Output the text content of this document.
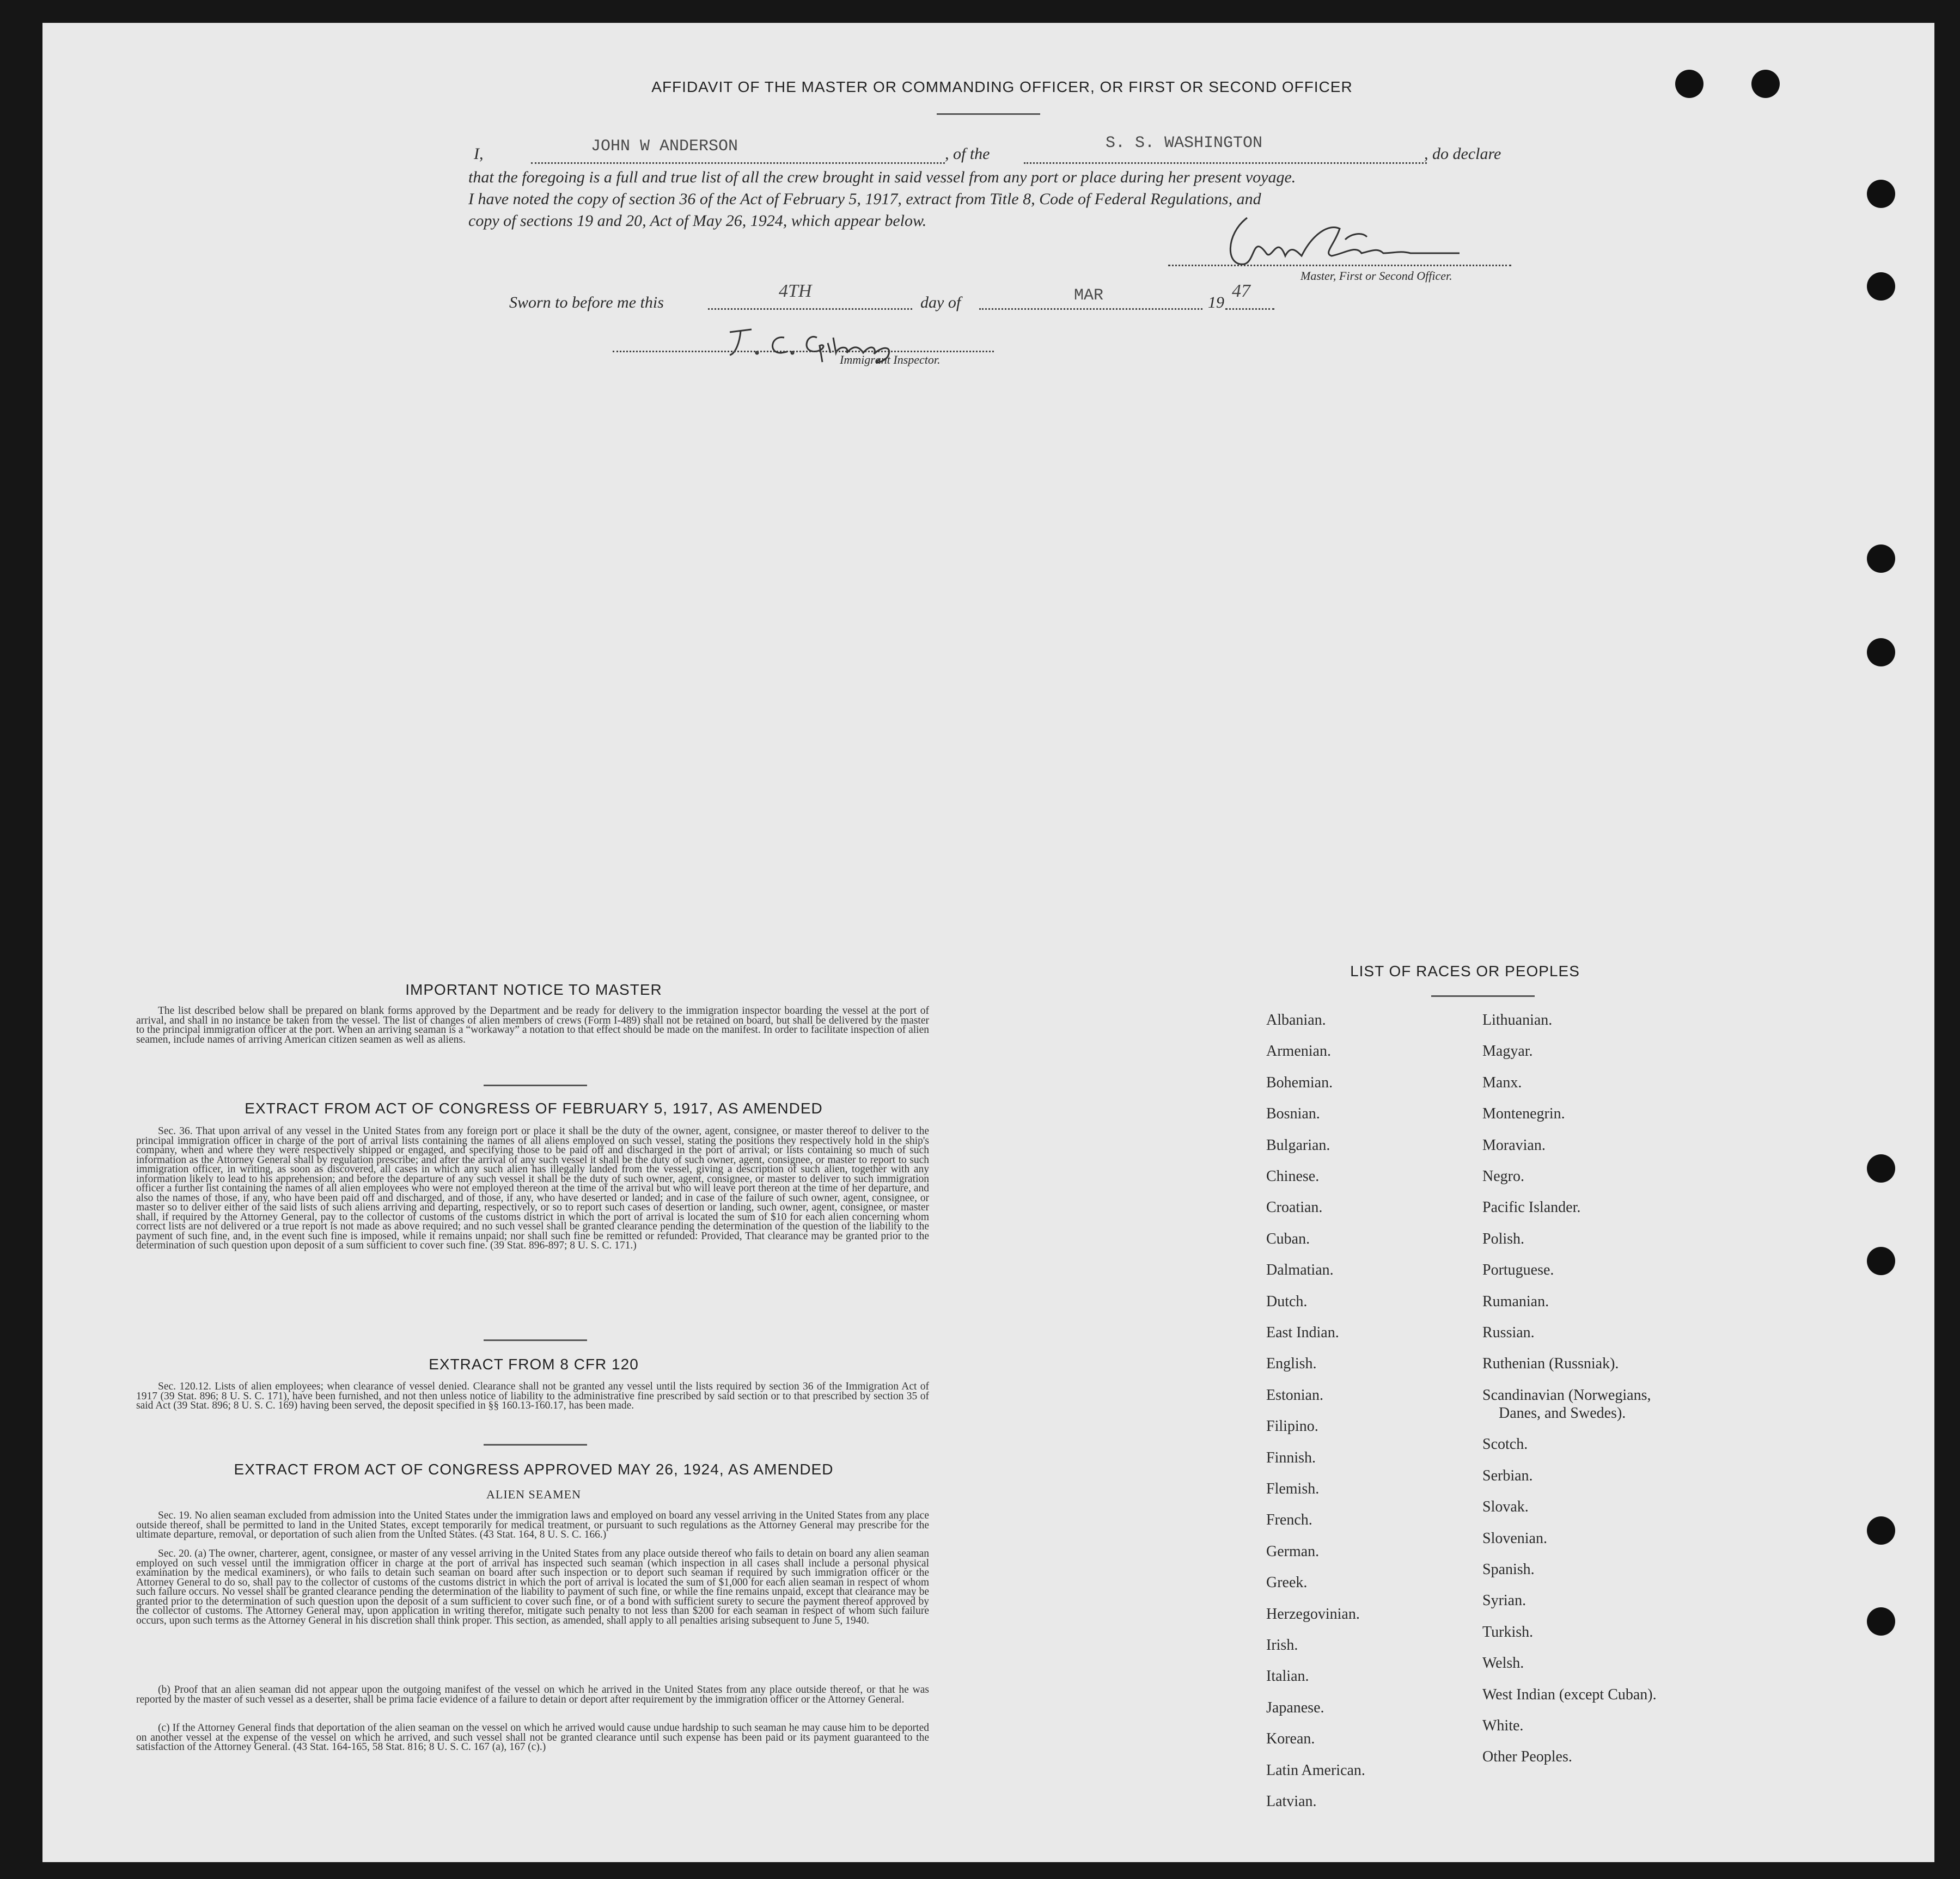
AFFIDAVIT OF THE MASTER OR COMMANDING OFFICER, OR FIRST OR SECOND OFFICER
I,	JOHN W ANDERSON	, of the
S. S. WASHINGTON
, do declare
that the foregoing is a full and true list of all the crew brought in said vessel from any port or place during her present voyage.
I have noted the copy of section 36 of the Act of February 5, 1917, extract from Title 8, Code of Federal Regulations, and
copy of sections 19 and 20, Act of May 26, 1924, which appear below.
Master, First or Second Officer.
Sworn to before me this
4TH
day of	MAR	19
47
Immigrant Inspector.
IMPORTANT NOTICE TO MASTER
The list described below shall be prepared on blank forms approved by the Department and be ready for delivery to the immigration inspector boarding the vessel at the port of arrival, and shall in no instance be taken from the vessel. The list of changes of alien members of crews (Form I-489) shall not be retained on board, but shall be delivered by the master to the principal immigration officer at the port. When an arriving seaman is a “workaway” a notation to that effect should be made on the manifest. In order to facilitate inspection of alien seamen, include names of arriving American citizen seamen as well as aliens.
EXTRACT FROM ACT OF CONGRESS OF FEBRUARY 5, 1917, AS AMENDED
Sec. 36. That upon arrival of any vessel in the United States from any foreign port or place it shall be the duty of the owner, agent, consignee, or master thereof to deliver to the principal immigration officer in charge of the port of arrival lists containing the names of all aliens employed on such vessel, stating the positions they respectively hold in the ship's company, when and where they were respectively shipped or engaged, and specifying those to be paid off and discharged in the port of arrival; or lists containing so much of such information as the Attorney General shall by regulation prescribe; and after the arrival of any such vessel it shall be the duty of such owner, agent, consignee, or master to report to such immigration officer, in writing, as soon as discovered, all cases in which any such alien has illegally landed from the vessel, giving a description of such alien, together with any information likely to lead to his apprehension; and before the departure of any such vessel it shall be the duty of such owner, agent, consignee, or master to deliver to such immigration officer a further list containing the names of all alien employees who were not employed thereon at the time of the arrival but who will leave port thereon at the time of her departure, and also the names of those, if any, who have been paid off and discharged, and of those, if any, who have deserted or landed; and in case of the failure of such owner, agent, consignee, or master so to deliver either of the said lists of such aliens arriving and departing, respectively, or so to report such cases of desertion or landing, such owner, agent, consignee, or master shall, if required by the Attorney General, pay to the collector of customs of the customs district in which the port of arrival is located the sum of $10 for each alien concerning whom correct lists are not delivered or a true report is not made as above required; and no such vessel shall be granted clearance pending the determination of the question of the liability to the payment of such fine, and, in the event such fine is imposed, while it remains unpaid; nor shall such fine be remitted or refunded: Provided, That clearance may be granted prior to the determination of such question upon deposit of a sum sufficient to cover such fine. (39 Stat. 896-897; 8 U. S. C. 171.)
EXTRACT FROM 8 CFR 120
Sec. 120.12. Lists of alien employees; when clearance of vessel denied. Clearance shall not be granted any vessel until the lists required by section 36 of the Immigration Act of 1917 (39 Stat. 896; 8 U. S. C. 171), have been furnished, and not then unless notice of liability to the administrative fine prescribed by said section or to that prescribed by section 35 of said Act (39 Stat. 896; 8 U. S. C. 169) having been served, the deposit specified in §§ 160.13-160.17, has been made.
EXTRACT FROM ACT OF CONGRESS APPROVED MAY 26, 1924, AS AMENDED
ALIEN SEAMEN
Sec. 19. No alien seaman excluded from admission into the United States under the immigration laws and employed on board any vessel arriving in the United States from any place outside thereof, shall be permitted to land in the United States, except temporarily for medical treatment, or pursuant to such regulations as the Attorney General may prescribe for the ultimate departure, removal, or deportation of such alien from the United States. (43 Stat. 164, 8 U. S. C. 166.)
Sec. 20. (a) The owner, charterer, agent, consignee, or master of any vessel arriving in the United States from any place outside thereof who fails to detain on board any alien seaman employed on such vessel until the immigration officer in charge at the port of arrival has inspected such seaman (which inspection in all cases shall include a personal physical examination by the medical examiners), or who fails to detain such seaman on board after such inspection or to deport such seaman if required by such immigration officer or the Attorney General to do so, shall pay to the collector of customs of the customs district in which the port of arrival is located the sum of $1,000 for each alien seaman in respect of whom such failure occurs. No vessel shall be granted clearance pending the determination of the liability to payment of such fine, or while the fine remains unpaid, except that clearance may be granted prior to the determination of such question upon the deposit of a sum sufficient to cover such fine, or of a bond with sufficient surety to secure the payment thereof approved by the collector of customs. The Attorney General may, upon application in writing therefor, mitigate such penalty to not less than $200 for each seaman in respect of whom such failure occurs, upon such terms as the Attorney General in his discretion shall think proper. This section, as amended, shall apply to all penalties arising subsequent to June 5, 1940.
(b) Proof that an alien seaman did not appear upon the outgoing manifest of the vessel on which he arrived in the United States from any place outside thereof, or that he was reported by the master of such vessel as a deserter, shall be prima facie evidence of a failure to detain or deport after requirement by the immigration officer or the Attorney General.
(c) If the Attorney General finds that deportation of the alien seaman on the vessel on which he arrived would cause undue hardship to such seaman he may cause him to be deported on another vessel at the expense of the vessel on which he arrived, and such vessel shall not be granted clearance until such expense has been paid or its payment guaranteed to the satisfaction of the Attorney General. (43 Stat. 164-165, 58 Stat. 816; 8 U. S. C. 167 (a), 167 (c).)
LIST OF RACES OR PEOPLES
Albanian.
Armenian.
Bohemian.
Bosnian.
Bulgarian.
Chinese.
Croatian.
Cuban.
Dalmatian.
Dutch.
East Indian.
English.
Estonian.
Filipino.
Finnish.
Flemish.
French.
German.
Greek.
Herzegovinian.
Irish.
Italian.
Japanese.
Korean.
Latin American.
Latvian.
Lithuanian.
Magyar.
Manx.
Montenegrin.
Moravian.
Negro.
Pacific Islander.
Polish.
Portuguese.
Rumanian.
Russian.
Ruthenian (Russniak).
Scandinavian (Norwegians,
Danes, and Swedes).
Scotch.
Serbian.
Slovak.
Slovenian.
Spanish.
Syrian.
Turkish.
Welsh.
West Indian (except Cuban).
White.
Other Peoples.
